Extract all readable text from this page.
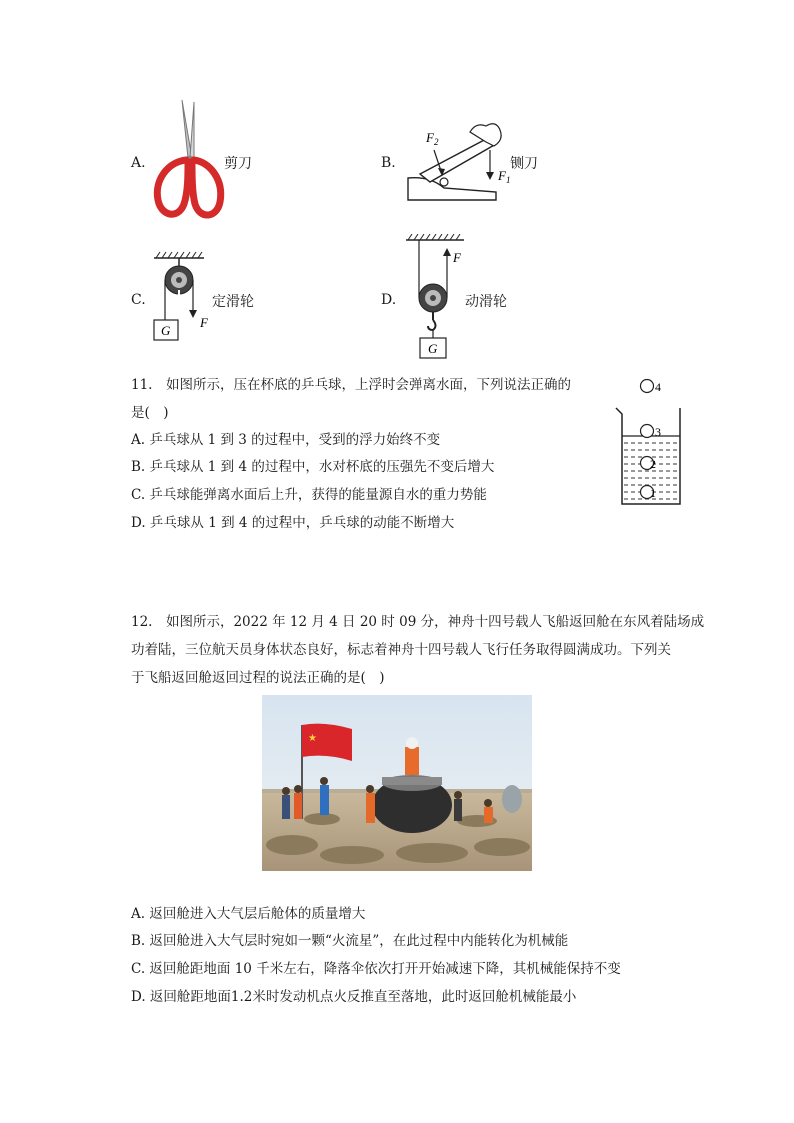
A.	剪刀	B.
$F_2$
$F_1$
铡刀
C.
G
F
定滑轮	D.
F
G
动滑轮
11.　如图所示，压在杯底的乒乓球，上浮时会弹离水面，下列说法正确的
是(　)
A. 乒乓球从 1 到 3 的过程中，受到的浮力始终不变
B. 乒乓球从 1 到 4 的过程中，水对杯底的压强先不变后增大
C. 乒乓球能弹离水面后上升，获得的能量源自水的重力势能
D. 乒乓球从 1 到 4 的过程中，乒乓球的动能不断增大
4
3
2
1
12.　如图所示，2022 年 12 月 4 日 20 时 09 分，神舟十四号载人飞船返回舱在东风着陆场成
功着陆，三位航天员身体状态良好，标志着神舟十四号载人飞行任务取得圆满成功。下列关
于飞船返回舱返回过程的说法正确的是(　)
★
A. 返回舱进入大气层后舱体的质量增大
B. 返回舱进入大气层时宛如一颗“火流星”，在此过程中内能转化为机械能
C. 返回舱距地面 10 千米左右，降落伞依次打开开始减速下降，其机械能保持不变
D. 返回舱距地面1.2米时发动机点火反推直至落地，此时返回舱机械能最小
